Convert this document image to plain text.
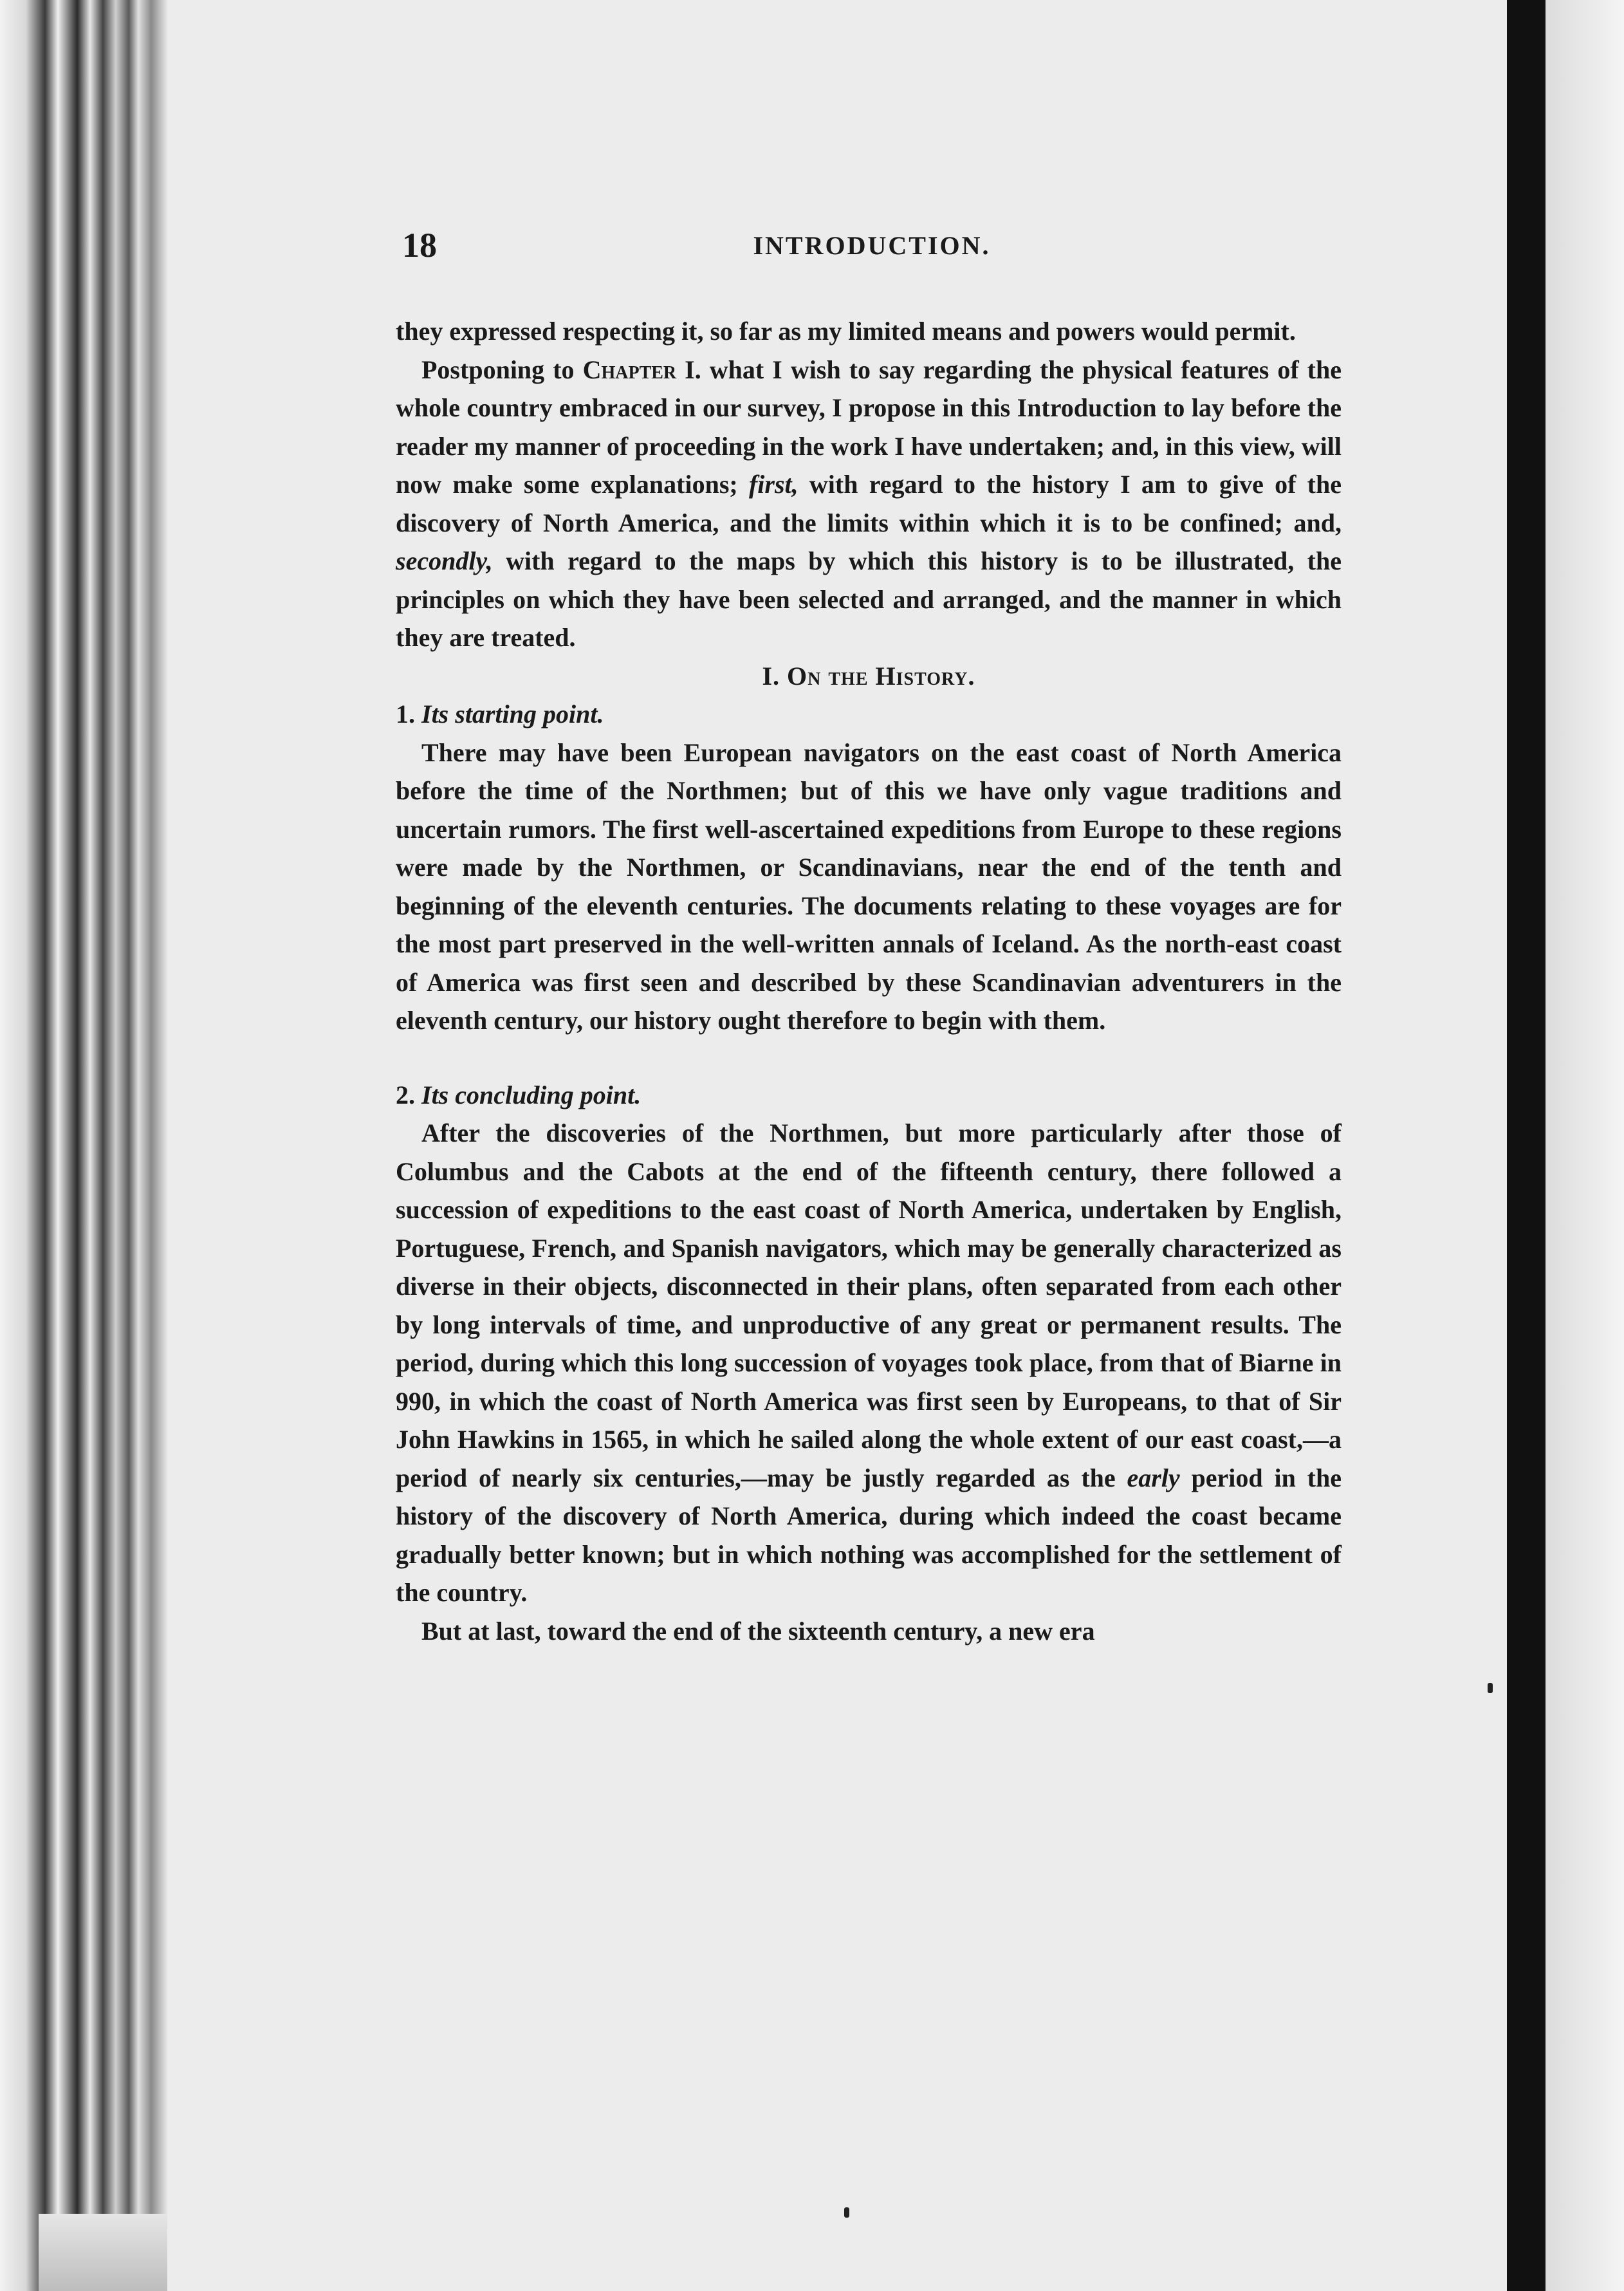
18	INTRODUCTION.

they expressed respecting it, so far as my limited means and powers would permit.

Postponing to Chapter I. what I wish to say regarding the physical features of the whole country embraced in our survey, I propose in this Introduction to lay before the reader my manner of proceeding in the work I have undertaken; and, in this view, will now make some explanations; first, with regard to the history I am to give of the discovery of North America, and the limits within which it is to be confined; and, secondly, with regard to the maps by which this history is to be illustrated, the principles on which they have been selected and arranged, and the manner in which they are treated.

I. On the History.

1. Its starting point.

There may have been European navigators on the east coast of North America before the time of the Northmen; but of this we have only vague traditions and uncertain rumors. The first well-ascertained expeditions from Europe to these regions were made by the Northmen, or Scandinavians, near the end of the tenth and beginning of the eleventh centuries. The documents relating to these voyages are for the most part preserved in the well-written annals of Iceland. As the north-east coast of America was first seen and described by these Scandinavian adventurers in the eleventh century, our history ought therefore to begin with them.

2. Its concluding point.

After the discoveries of the Northmen, but more particularly after those of Columbus and the Cabots at the end of the fifteenth century, there followed a succession of expeditions to the east coast of North America, undertaken by English, Portuguese, French, and Spanish navigators, which may be generally characterized as diverse in their objects, disconnected in their plans, often separated from each other by long intervals of time, and unproductive of any great or permanent results. The period, during which this long succession of voyages took place, from that of Biarne in 990, in which the coast of North America was first seen by Europeans, to that of Sir John Hawkins in 1565, in which he sailed along the whole extent of our east coast,—a period of nearly six centuries,—may be justly regarded as the early period in the history of the discovery of North America, during which indeed the coast became gradually better known; but in which nothing was accomplished for the settlement of the country.

But at last, toward the end of the sixteenth century, a new era
